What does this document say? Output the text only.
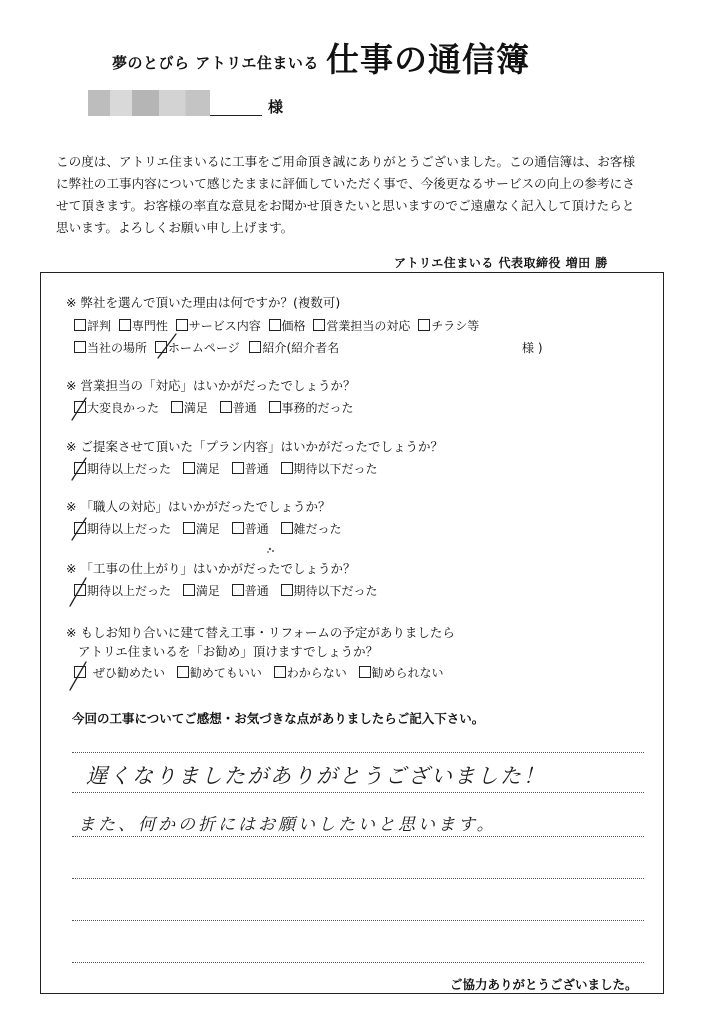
夢のとびら アトリエ住まいる 仕事の通信簿
様
この度は、アトリエ住まいるに工事をご用命頂き誠にありがとうございました。この通信簿は、お客様に弊社の工事内容について感じたままに評価していただく事で、今後更なるサービスの向上の参考にさせて頂きます。お客様の率直な意見をお聞かせ頂きたいと思いますのでご遠慮なく記入して頂けたらと思います。よろしくお願い申し上げます。
アトリエ住まいる 代表取締役 増田 勝
※ 弊社を選んで頂いた理由は何ですか？(複数可)
評判 専門性 サービス内容 価格 営業担当の対応 チラシ等
当社の場所 ホームページ 紹介(紹介者名	様 )
※ 営業担当の「対応」はいかがだったでしょうか？
大変良かった 満足 普通 事務的だった
※ ご提案させて頂いた「プラン内容」はいかがだったでしょうか？
期待以上だった 満足 普通 期待以下だった
※ 「職人の対応」はいかがだったでしょうか？
期待以上だった 満足 普通 雑だった
※ 「工事の仕上がり」はいかがだったでしょうか？
期待以上だった 満足 普通 期待以下だった
※ もしお知り合いに建て替え工事・リフォームの予定がありましたら
アトリエ住まいるを「お勧め」頂けますでしょうか？
ぜひ勧めたい 勧めてもいい わからない 勧められない
今回の工事についてご感想・お気づきな点がありましたらご記入下さい。
遅くなりましたがありがとうございました！
また、何かの折にはお願いしたいと思います。
ご協力ありがとうございました。
